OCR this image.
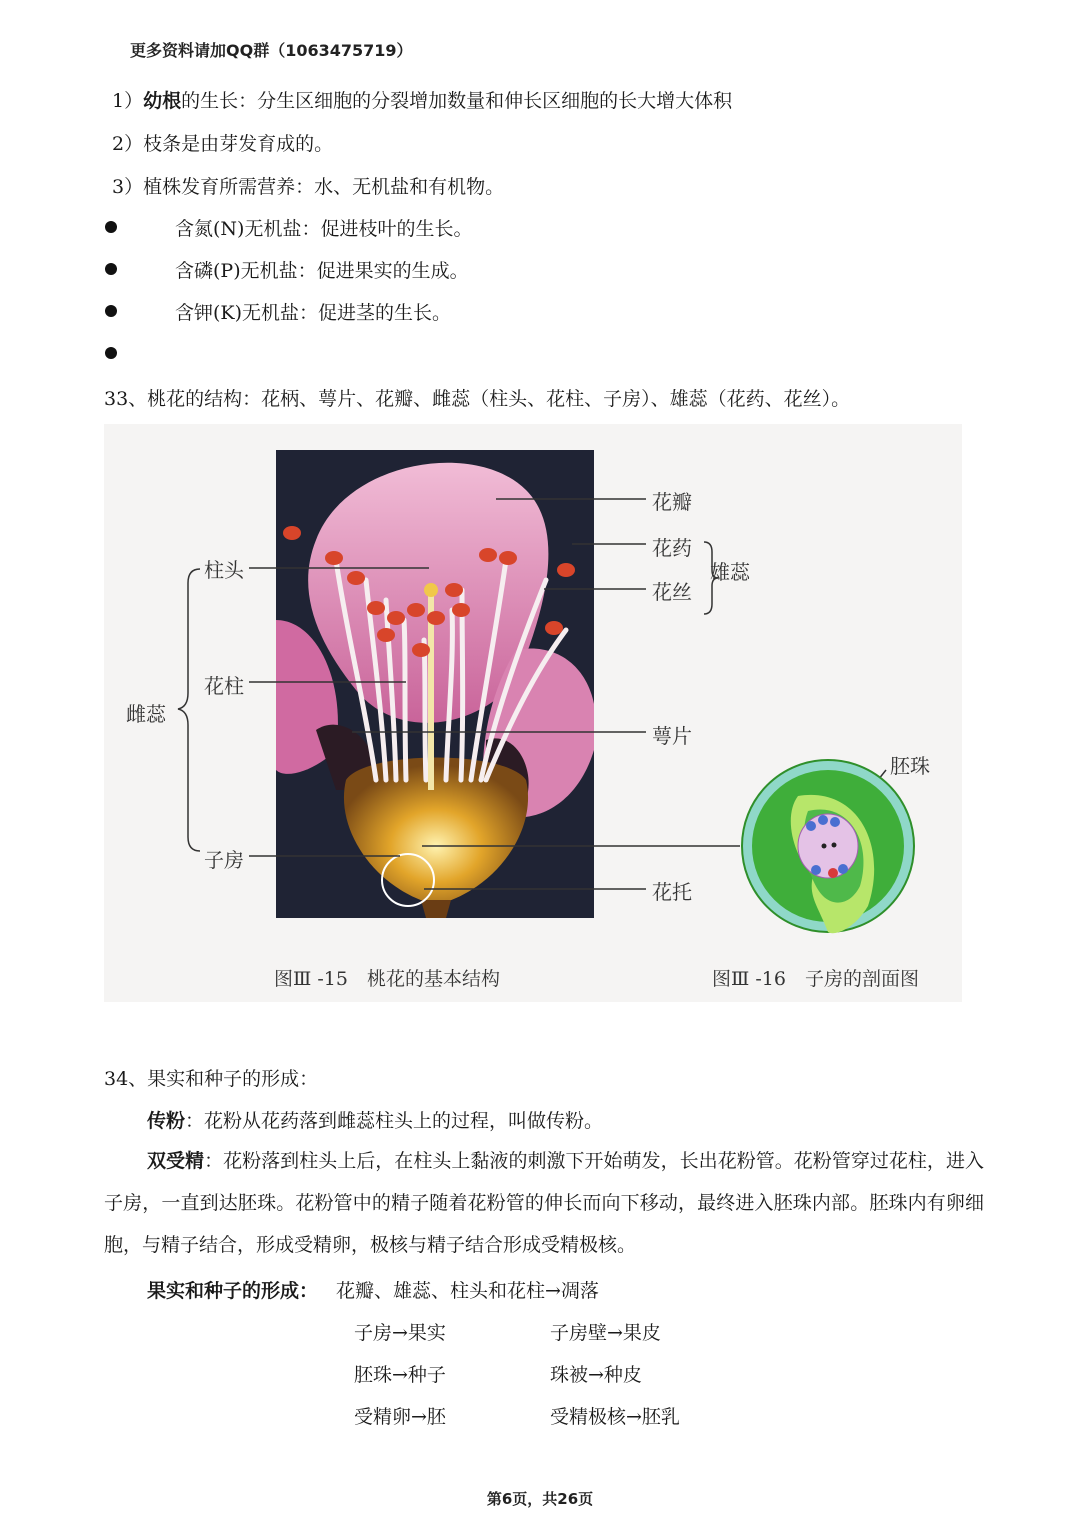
更多资料请加QQ群（1063475719）
1）幼根的生长：分生区细胞的分裂增加数量和伸长区细胞的长大增大体积
2）枝条是由芽发育成的。
3）植株发育所需营养：水、无机盐和有机物。
含氮(N)无机盐：促进枝叶的生长。
含磷(P)无机盐：促进果实的生成。
含钾(K)无机盐：促进茎的生长。
33、桃花的结构：花柄、萼片、花瓣、雌蕊（柱头、花柱、子房）、雄蕊（花药、花丝）。
花瓣
花药
花丝
雄蕊
萼片
花托
柱头
花柱
子房
雌蕊
胚珠
图Ⅲ -15　桃花的基本结构	图Ⅲ -16　子房的剖面图
34、果实和种子的形成：
传粉：花粉从花药落到雌蕊柱头上的过程，叫做传粉。
双受精：花粉落到柱头上后，在柱头上黏液的刺激下开始萌发，长出花粉管。花粉管穿过花柱，进入子房，一直到达胚珠。花粉管中的精子随着花粉管的伸长而向下移动，最终进入胚珠内部。胚珠内有卵细胞，与精子结合，形成受精卵，极核与精子结合形成受精极核。
果实和种子的形成： 花瓣、雄蕊、柱头和花柱→凋落
子房→果实	子房壁→果皮
胚珠→种子	珠被→种皮
受精卵→胚	受精极核→胚乳
第6页，共26页
